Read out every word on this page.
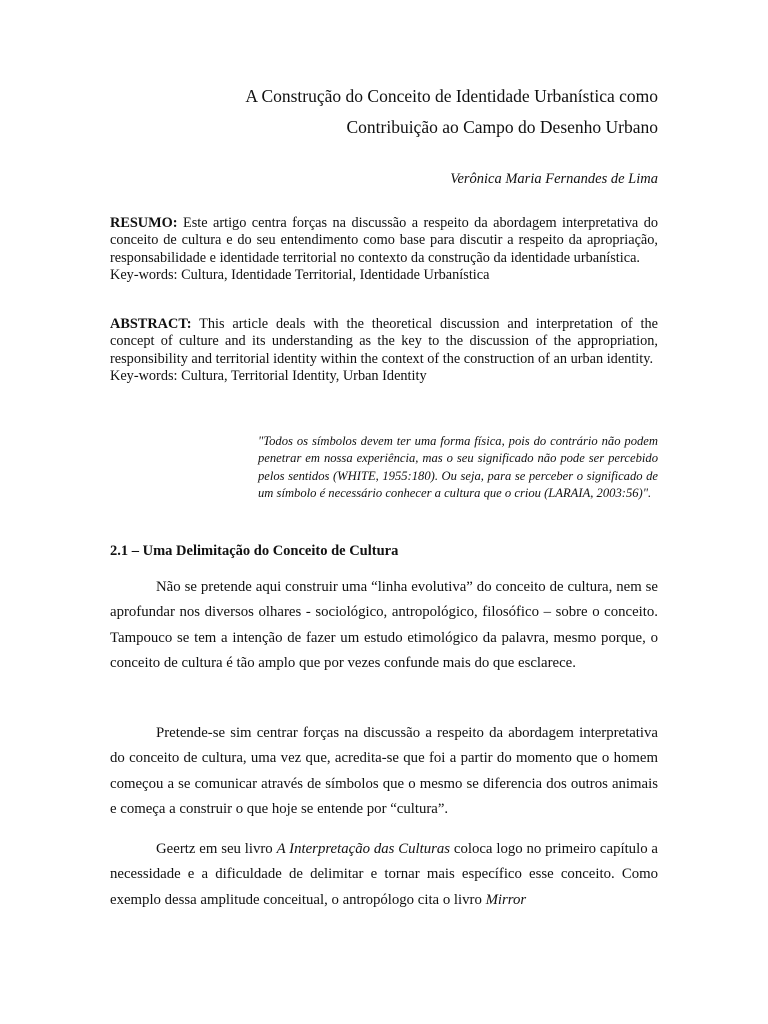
A Construção do Conceito de Identidade Urbanística como
Contribuição ao Campo do Desenho Urbano
Verônica Maria Fernandes de Lima
RESUMO: Este artigo centra forças na discussão a respeito da abordagem interpretativa do conceito de cultura e do seu entendimento como base para discutir a respeito da apropriação, responsabilidade e identidade territorial no contexto da construção da identidade urbanística.
Key-words: Cultura, Identidade Territorial, Identidade Urbanística
ABSTRACT: This article deals with the theoretical discussion and interpretation of the concept of culture and its understanding as the key to the discussion of the appropriation, responsibility and territorial identity within the context of the construction of an urban identity.
Key-words: Cultura, Territorial Identity, Urban Identity
"Todos os símbolos devem ter uma forma física, pois do contrário não podem penetrar em nossa experiência, mas o seu significado não pode ser percebido pelos sentidos (WHITE, 1955:180). Ou seja, para se perceber o significado de um símbolo é necessário conhecer a cultura que o criou (LARAIA, 2003:56)".
2.1 – Uma Delimitação do Conceito de Cultura
Não se pretende aqui construir uma “linha evolutiva” do conceito de cultura, nem se aprofundar nos diversos olhares - sociológico, antropológico, filosófico – sobre o conceito. Tampouco se tem a intenção de fazer um estudo etimológico da palavra, mesmo porque, o conceito de cultura é tão amplo que por vezes confunde mais do que esclarece.
Pretende-se sim centrar forças na discussão a respeito da abordagem interpretativa do conceito de cultura, uma vez que, acredita-se que foi a partir do momento que o homem começou a se comunicar através de símbolos que o mesmo se diferencia dos outros animais e começa a construir o que hoje se entende por “cultura”.
Geertz em seu livro A Interpretação das Culturas coloca logo no primeiro capítulo a necessidade e a dificuldade de delimitar e tornar mais específico esse conceito. Como exemplo dessa amplitude conceitual, o antropólogo cita o livro Mirror
